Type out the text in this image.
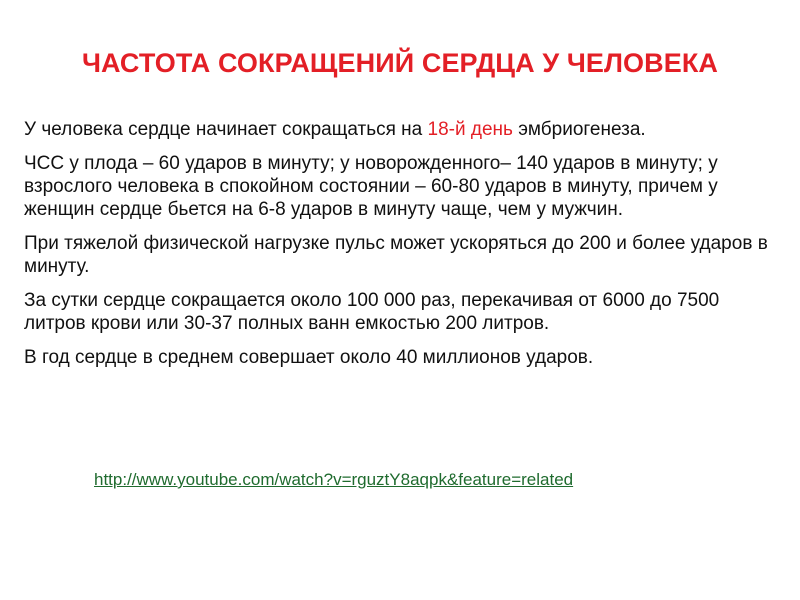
ЧАСТОТА СОКРАЩЕНИЙ СЕРДЦА У ЧЕЛОВЕКА

У человека сердце начинает сокращаться на 18-й день эмбриогенеза.

ЧСС у плода – 60 ударов в минуту; у новорожденного– 140 ударов в минуту; у взрослого человека в спокойном состоянии – 60-80 ударов в минуту, причем у женщин сердце бьется на 6-8 ударов в минуту чаще, чем у мужчин.

При тяжелой физической нагрузке пульс может ускоряться до 200 и более ударов в минуту.

За сутки сердце сокращается около 100 000 раз, перекачивая от 6000 до 7500 литров крови или 30-37 полных ванн емкостью 200 литров.

В год сердце в среднем совершает около 40 миллионов ударов.

http://www.youtube.com/watch?v=rguztY8aqpk&feature=related
